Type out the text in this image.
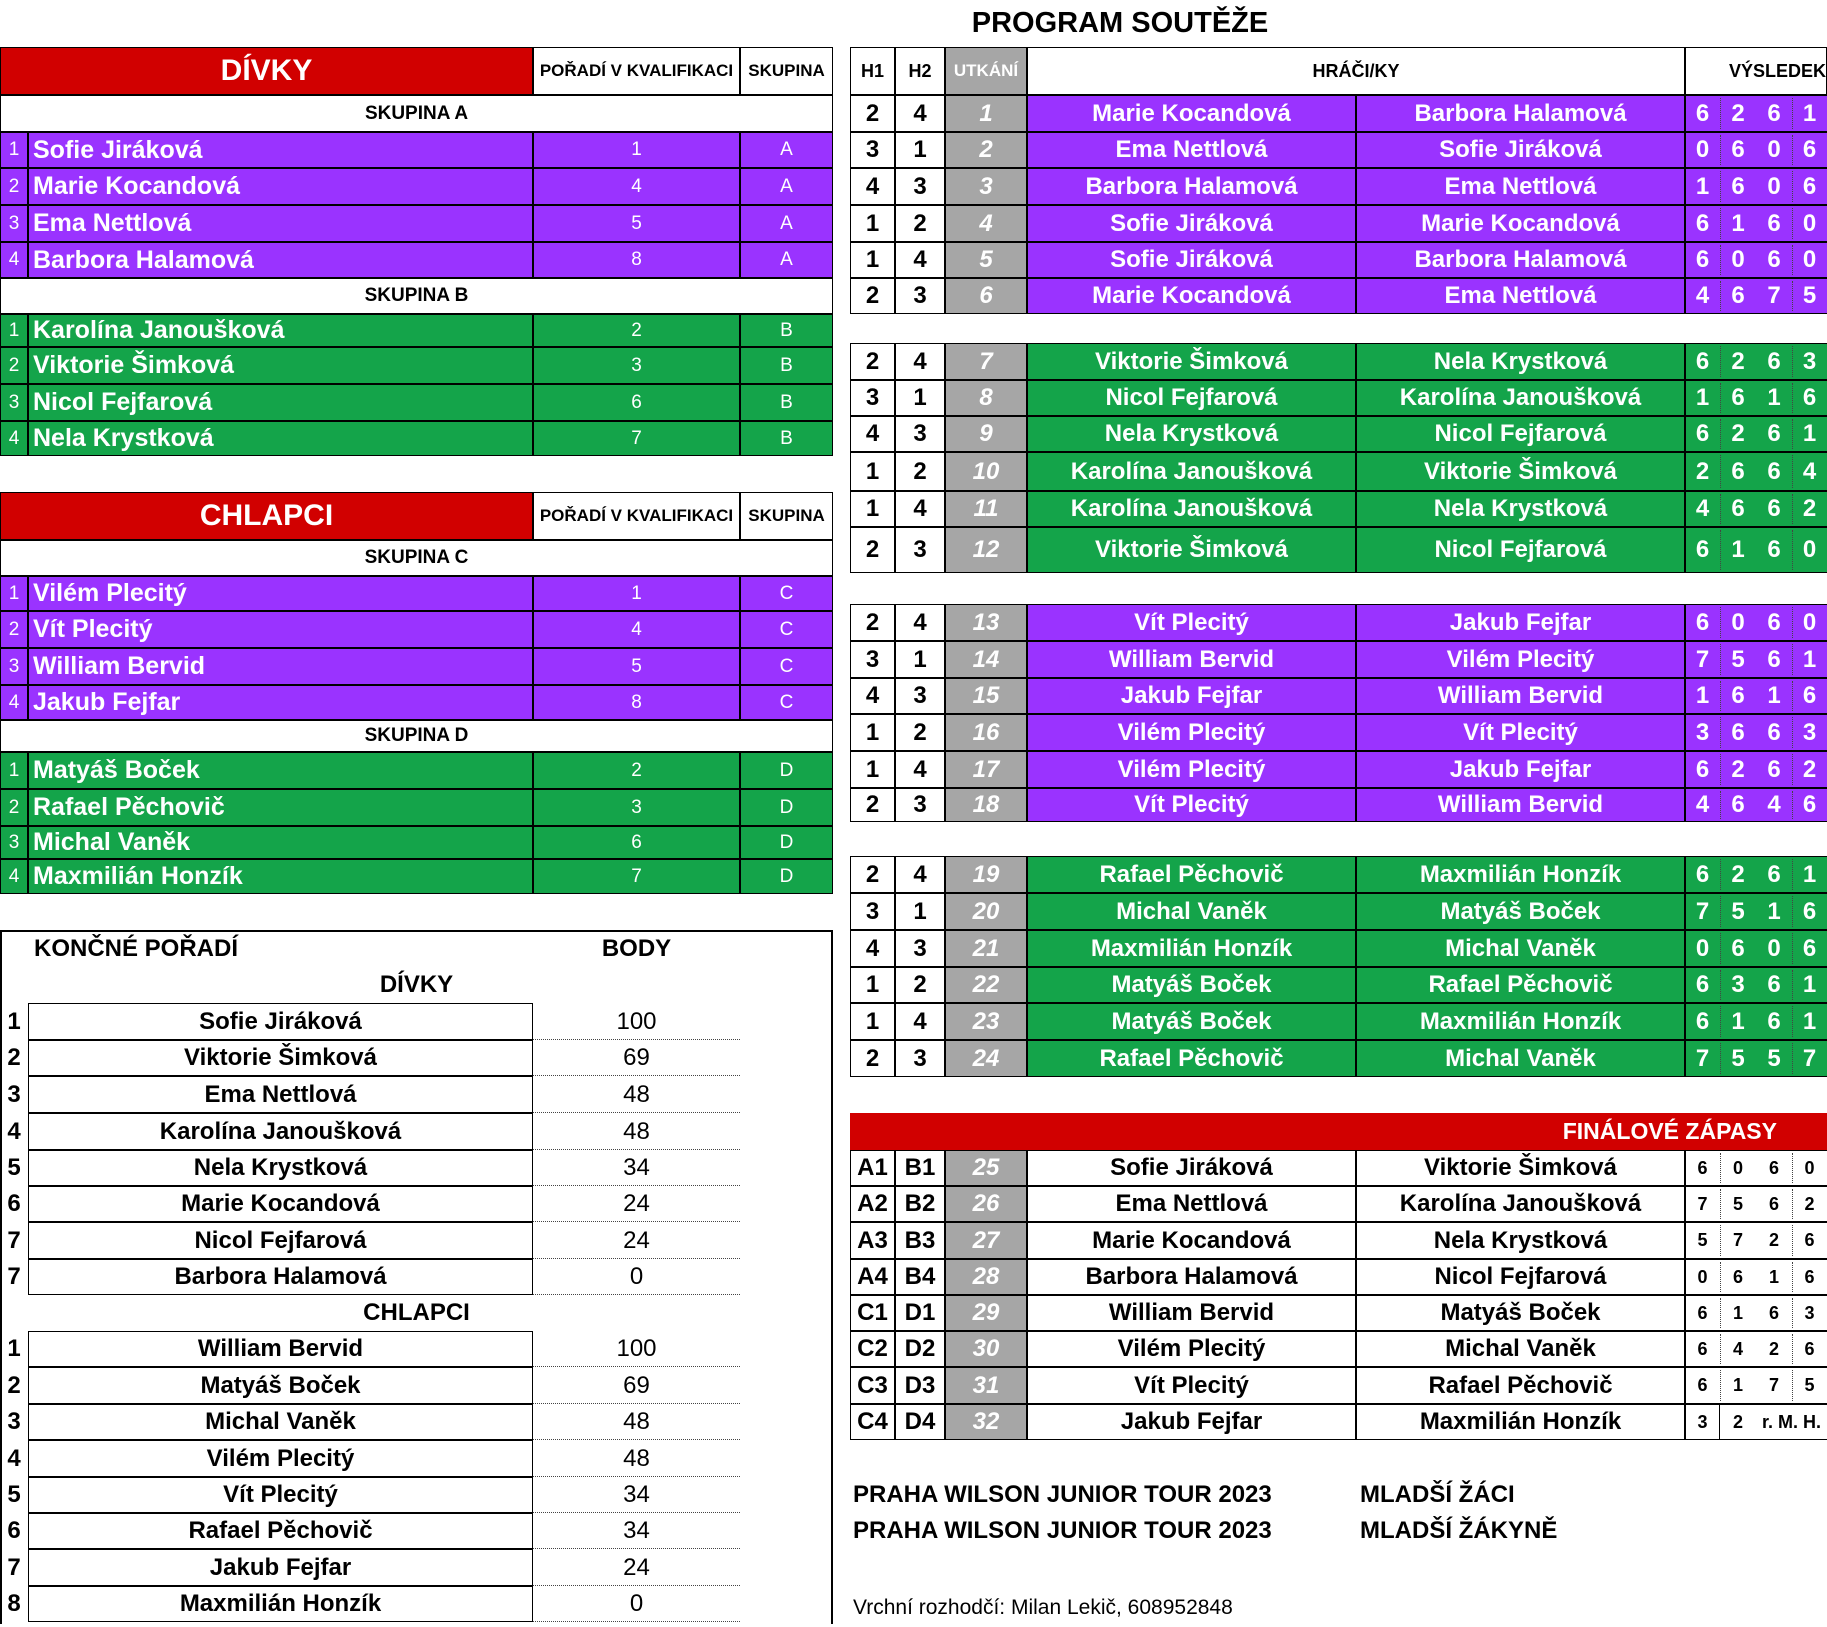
PROGRAM SOUTĚŽE
DÍVKY	POŘADÍ V KVALIFIKACI SKUPINA
SKUPINA A
1 Sofie Jiráková	1	A
2 Marie Kocandová	4	A
3 Ema Nettlová	5	A
4 Barbora Halamová	8	A
SKUPINA B
1 Karolína Janoušková	2	B
2 Viktorie Šimková	3	B
3 Nicol Fejfarová	6	B
4 Nela Krystková	7	B
CHLAPCI	POŘADÍ V KVALIFIKACI SKUPINA
SKUPINA C
1 Vilém Plecitý	1	C
2 Vít Plecitý	4	C
3 William Bervid	5	C
4 Jakub Fejfar	8	C
SKUPINA D
1 Matyáš Boček	2	D
2 Rafael Pěchovič	3	D
3 Michal Vaněk	6	D
4 Maxmilián Honzík	7	D
KONČNÉ POŘADÍ	BODY
DÍVKY
1	Sofie Jiráková	100
2	Viktorie Šimková	69
3	Ema Nettlová	48
4	Karolína Janoušková	48
5	Nela Krystková	34
6	Marie Kocandová	24
7	Nicol Fejfarová	24
7	Barbora Halamová	0
CHLAPCI
1	William Bervid	100
2	Matyáš Boček	69
3	Michal Vaněk	48
4	Vilém Plecitý	48
5	Vít Plecitý	34
6	Rafael Pěchovič	34
7	Jakub Fejfar	24
8	Maxmilián Honzík	0
H1	H2	UTKÁNÍ	HRÁČI/KY	VÝSLEDEK
2	4	1	Marie Kocandová	Barbora Halamová	6 2 6 1
3	1	2	Ema Nettlová	Sofie Jiráková	0 6 0 6
4	3	3	Barbora Halamová	Ema Nettlová	1 6 0 6
1	2	4	Sofie Jiráková	Marie Kocandová	6 1 6 0
1	4	5	Sofie Jiráková	Barbora Halamová	6 0 6 0
2	3	6	Marie Kocandová	Ema Nettlová	4 6 7 5
2	4	7	Viktorie Šimková	Nela Krystková	6 2 6 3
3	1	8	Nicol Fejfarová	Karolína Janoušková	1 6 1 6
4	3	9	Nela Krystková	Nicol Fejfarová	6 2 6 1
1	2	10	Karolína Janoušková	Viktorie Šimková	2 6 6 4
1	4	11	Karolína Janoušková	Nela Krystková	4 6 6 2
2	3	12	Viktorie Šimková	Nicol Fejfarová	6 1 6 0
2	4	13	Vít Plecitý	Jakub Fejfar	6 0 6 0
3	1	14	William Bervid	Vilém Plecitý	7 5 6 1
4	3	15	Jakub Fejfar	William Bervid	1 6 1 6
1	2	16	Vilém Plecitý	Vít Plecitý	3 6 6 3
1	4	17	Vilém Plecitý	Jakub Fejfar	6 2 6 2
2	3	18	Vít Plecitý	William Bervid	4 6 4 6
2	4	19	Rafael Pěchovič	Maxmilián Honzík	6 2 6 1
3	1	20	Michal Vaněk	Matyáš Boček	7 5 1 6
4	3	21	Maxmilián Honzík	Michal Vaněk	0 6 0 6
1	2	22	Matyáš Boček	Rafael Pěchovič	6 3 6 1
1	4	23	Matyáš Boček	Maxmilián Honzík	6 1 6 1
2	3	24	Rafael Pěchovič	Michal Vaněk	7 5 5 7
FINÁLOVÉ ZÁPASY
A1 B1	25	Sofie Jiráková	Viktorie Šimková	6	0	6	0
A2 B2	26	Ema Nettlová	Karolína Janoušková	7	5	6	2
A3 B3	27	Marie Kocandová	Nela Krystková	5	7	2	6
A4 B4	28	Barbora Halamová	Nicol Fejfarová	0	6	1	6
C1 D1	29	William Bervid	Matyáš Boček	6	1	6	3
C2 D2	30	Vilém Plecitý	Michal Vaněk	6	4	2	6
C3 D3	31	Vít Plecitý	Rafael Pěchovič	6	1	7	5
C4 D4	32	Jakub Fejfar	Maxmilián Honzík	3	2	r. M. H.
PRAHA WILSON JUNIOR TOUR 2023	MLADŠÍ ŽÁCI
PRAHA WILSON JUNIOR TOUR 2023	MLADŠÍ ŽÁKYNĚ
Vrchní rozhodčí: Milan Lekič, 608952848
